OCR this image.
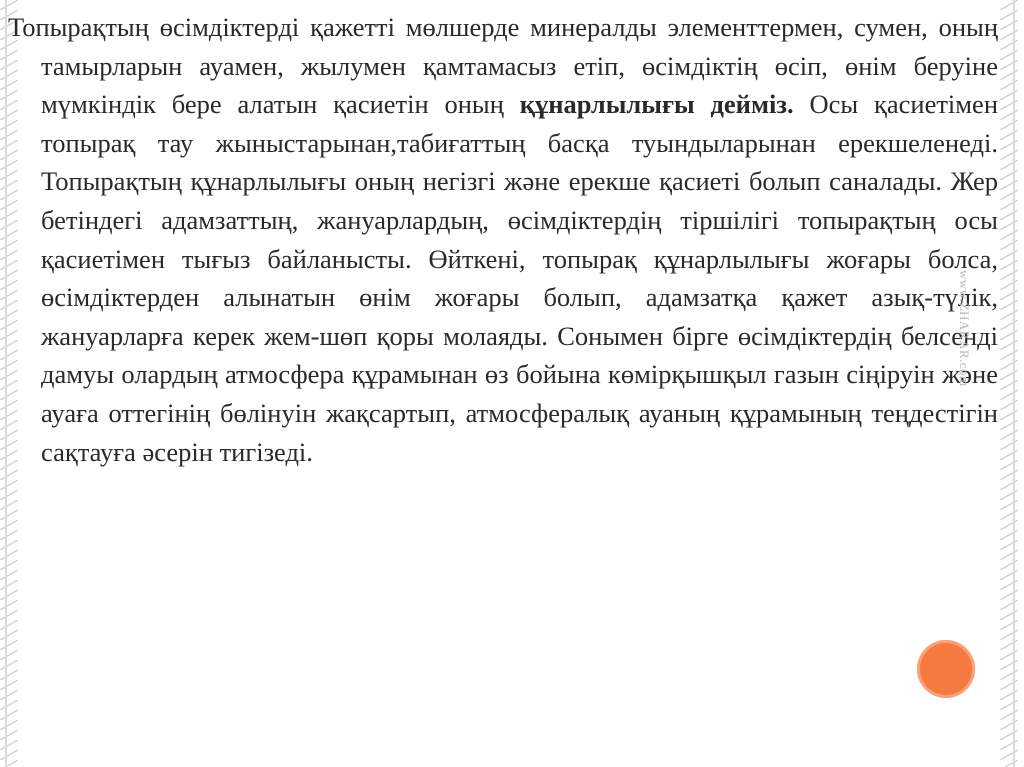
Топырақтың өсімдіктерді қажетті мөлшерде минералды элементтермен, сумен, оның тамырларын ауамен, жылумен қамтамасыз етіп, өсімдіктің өсіп, өнім беруіне мүмкіндік бере алатын қасиетін оның құнарлылығы деймiз. Осы қасиетімен топырақ тау жыныстарынан,табиғаттың басқа туындыларынан ерекшеленеді. Топырақтың құнарлылығы оның негізгі және ерекше қасиеті болып саналады. Жер бетіндегі адамзаттың, жануарлардың, өсімдіктердің тіршілігі топырақтың осы қасиетімен тығыз байланысты. Өйткені, топырақ құнарлылығы жоғары болса, өсімдіктерден алынатын өнім жоғары болып, адамзатқа қажет азық-түлік, жануарларға керек жем-шөп қоры молаяды. Сонымен бірге өсімдіктердің белсенді дамуы олардың атмосфера құрамынан өз бойына көмірқышқыл газын сіңіруін және ауаға оттегінің бөлінуін жақсартып, атмосфералық ауаның құрамының теңдестігін сақтауға әсерін тигізеді.

www.ZHARAR.com
